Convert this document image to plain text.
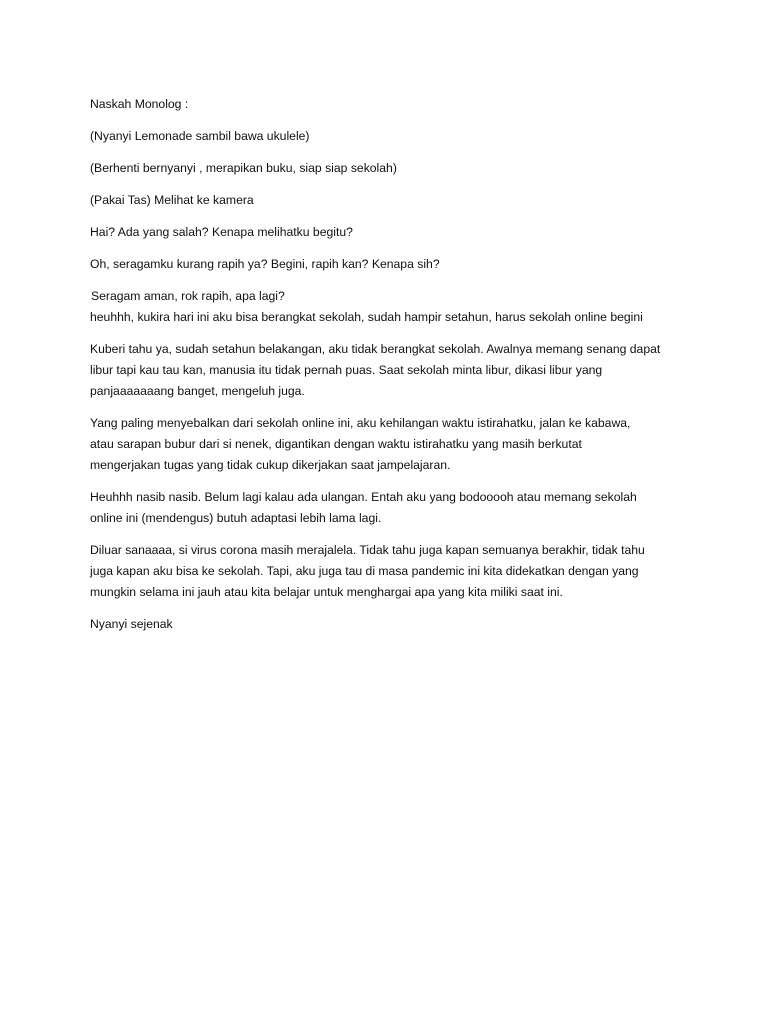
Naskah Monolog :

(Nyanyi Lemonade sambil bawa ukulele)

(Berhenti bernyanyi , merapikan buku, siap siap sekolah)

(Pakai Tas) Melihat ke kamera

Hai? Ada yang salah? Kenapa melihatku begitu?

Oh, seragamku kurang rapih ya? Begini, rapih kan? Kenapa sih?

Seragam aman, rok rapih, apa lagi?
heuhhh, kukira hari ini aku bisa berangkat sekolah, sudah hampir setahun, harus sekolah online begini

Kuberi tahu ya, sudah setahun belakangan, aku tidak berangkat sekolah. Awalnya memang senang dapat
libur tapi kau tau kan, manusia itu tidak pernah puas. Saat sekolah minta libur, dikasi libur yang
panjaaaaaaang banget, mengeluh juga.

Yang paling menyebalkan dari sekolah online ini, aku kehilangan waktu istirahatku, jalan ke kabawa,
atau sarapan bubur dari si nenek, digantikan dengan waktu istirahatku yang masih berkutat
mengerjakan tugas yang tidak cukup dikerjakan saat jampelajaran.

Heuhhh nasib nasib. Belum lagi kalau ada ulangan. Entah aku yang bodooooh atau memang sekolah
online ini (mendengus) butuh adaptasi lebih lama lagi.

Diluar sanaaaa, si virus corona masih merajalela. Tidak tahu juga kapan semuanya berakhir, tidak tahu
juga kapan aku bisa ke sekolah. Tapi, aku juga tau di masa pandemic ini kita didekatkan dengan yang
mungkin selama ini jauh atau kita belajar untuk menghargai apa yang kita miliki saat ini.

Nyanyi sejenak
